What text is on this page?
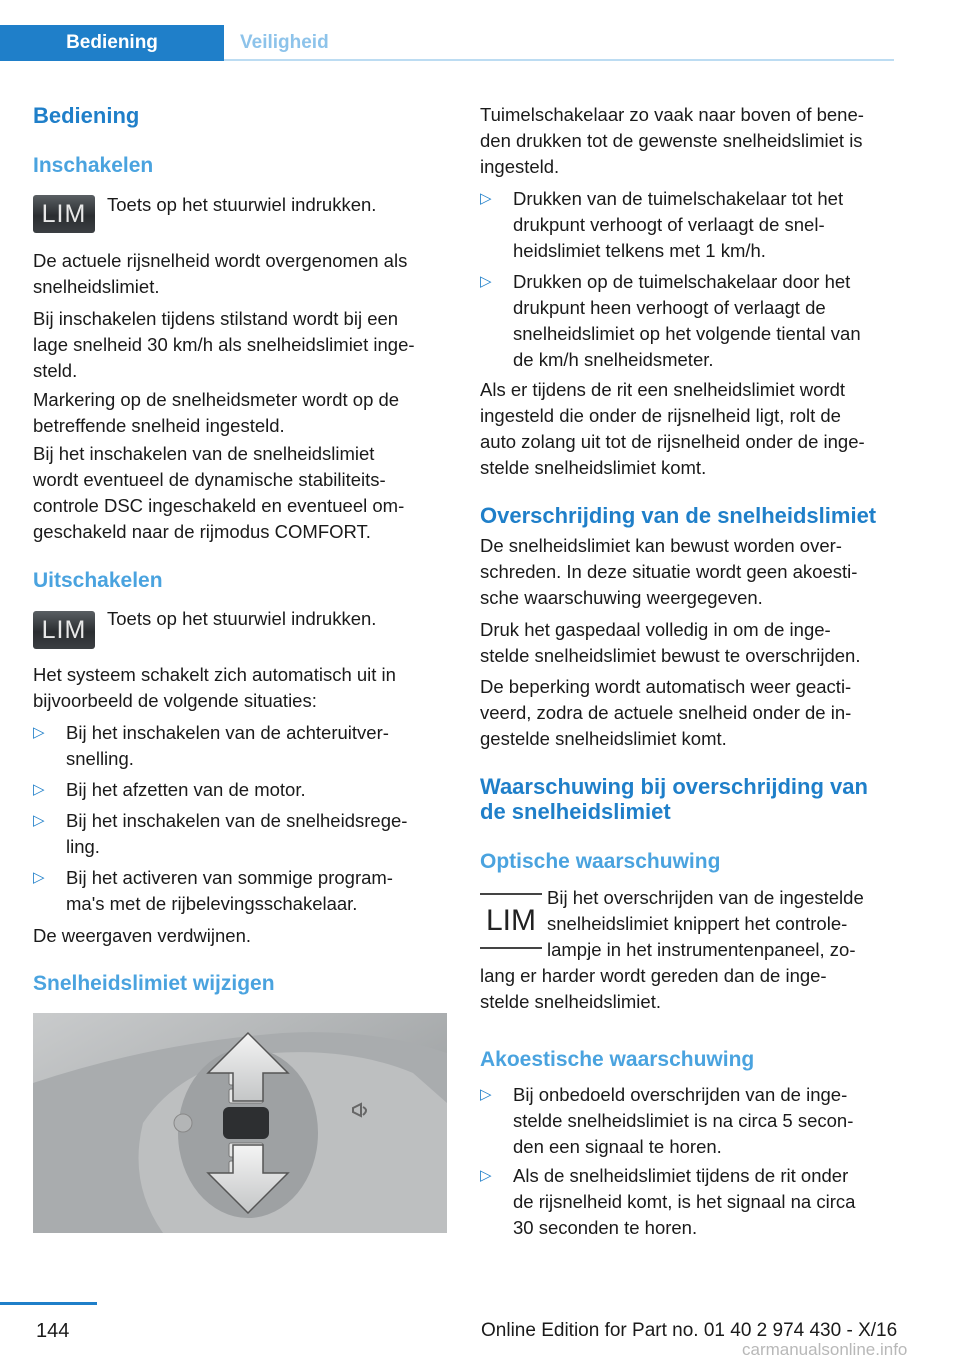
Bediening	Veiligheid
Bediening
Inschakelen
LIM Toets op het stuurwiel indrukken.
De actuele rijsnelheid wordt overgenomen als
snelheidslimiet.
Bij inschakelen tijdens stilstand wordt bij een
lage snelheid 30 km/h als snelheidslimiet inge‐
steld.
Markering op de snelheidsmeter wordt op de
betreffende snelheid ingesteld.
Bij het inschakelen van de snelheidslimiet
wordt eventueel de dynamische stabiliteits‐
controle DSC ingeschakeld en eventueel om‐
geschakeld naar de rijmodus COMFORT.
Uitschakelen
LIM Toets op het stuurwiel indrukken.
Het systeem schakelt zich automatisch uit in
bijvoorbeeld de volgende situaties:
▷ Bij het inschakelen van de achteruitver‐
snelling.
▷ Bij het afzetten van de motor.
▷ Bij het inschakelen van de snelheidsrege‐
ling.
▷ Bij het activeren van sommige program‐
ma's met de rijbelevingsschakelaar.
De weergaven verdwijnen.
Snelheidslimiet wijzigen
Tuimelschakelaar zo vaak naar boven of bene‐
den drukken tot de gewenste snelheidslimiet is
ingesteld.
▷ Drukken van de tuimelschakelaar tot het
drukpunt verhoogt of verlaagt de snel‐
heidslimiet telkens met 1 km/h.
▷ Drukken op de tuimelschakelaar door het
drukpunt heen verhoogt of verlaagt de
snelheidslimiet op het volgende tiental van
de km/h snelheidsmeter.
Als er tijdens de rit een snelheidslimiet wordt
ingesteld die onder de rijsnelheid ligt, rolt de
auto zolang uit tot de rijsnelheid onder de inge‐
stelde snelheidslimiet komt.
Overschrijding van de snelheidslimiet
De snelheidslimiet kan bewust worden over‐
schreden. In deze situatie wordt geen akoesti‐
sche waarschuwing weergegeven.
Druk het gaspedaal volledig in om de inge‐
stelde snelheidslimiet bewust te overschrijden.
De beperking wordt automatisch weer geacti‐
veerd, zodra de actuele snelheid onder de in‐
gestelde snelheidslimiet komt.
Waarschuwing bij overschrijding van
de snelheidslimiet
Optische waarschuwing
LIM
Bij het overschrijden van de ingestelde
snelheidslimiet knippert het controle‐
lampje in het instrumentenpaneel, zo‐
lang er harder wordt gereden dan de inge‐
stelde snelheidslimiet.
Akoestische waarschuwing
▷ Bij onbedoeld overschrijden van de inge‐
stelde snelheidslimiet is na circa 5 secon‐
den een signaal te horen.
▷ Als de snelheidslimiet tijdens de rit onder
de rijsnelheid komt, is het signaal na circa
30 seconden te horen.
144	Online Edition for Part no. 01 40 2 974 430 - X/16
carmanualsonline.info
